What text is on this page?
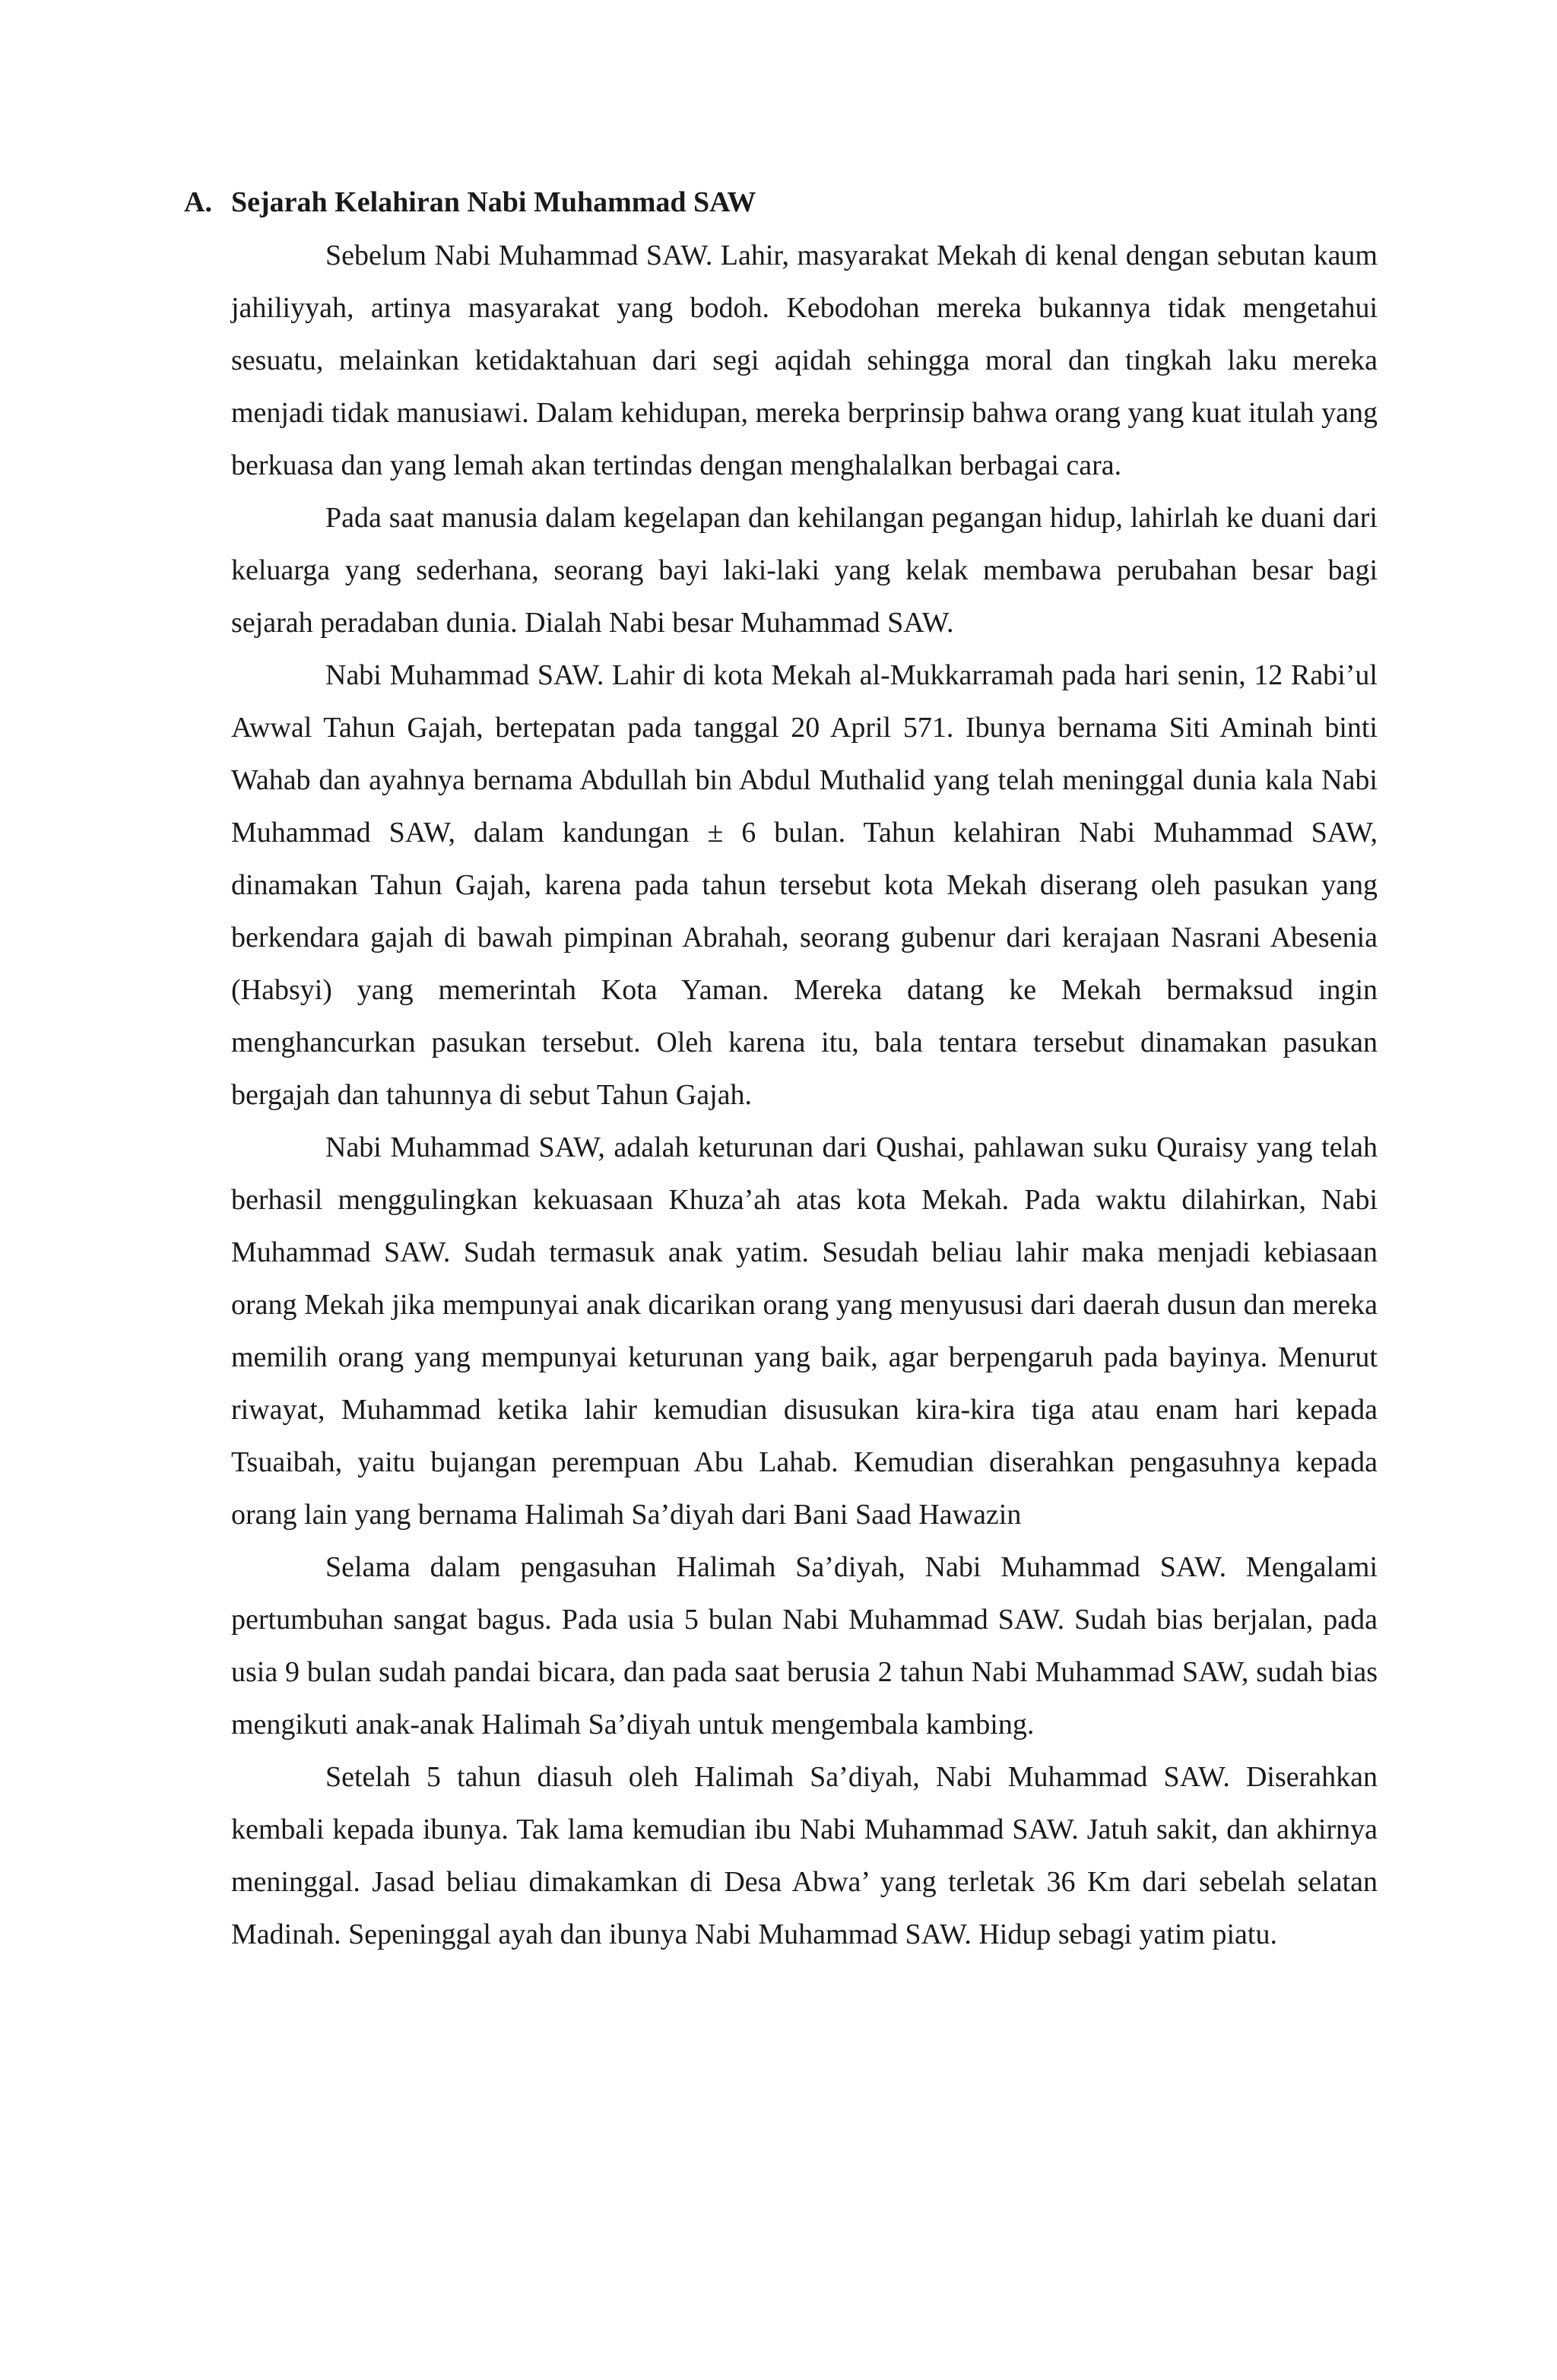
A. Sejarah Kelahiran Nabi Muhammad SAW

Sebelum Nabi Muhammad SAW. Lahir, masyarakat Mekah di kenal dengan sebutan kaum jahiliyyah, artinya masyarakat yang bodoh. Kebodohan mereka bukannya tidak mengetahui sesuatu, melainkan ketidaktahuan dari segi aqidah sehingga moral dan tingkah laku mereka menjadi tidak manusiawi. Dalam kehidupan, mereka berprinsip bahwa orang yang kuat itulah yang berkuasa dan yang lemah akan tertindas dengan menghalalkan berbagai cara.

Pada saat manusia dalam kegelapan dan kehilangan pegangan hidup, lahirlah ke duani dari keluarga yang sederhana, seorang bayi laki-laki yang kelak membawa perubahan besar bagi sejarah peradaban dunia. Dialah Nabi besar Muhammad SAW.

Nabi Muhammad SAW. Lahir di kota Mekah al-Mukkarramah pada hari senin, 12 Rabi’ul Awwal Tahun Gajah, bertepatan pada tanggal 20 April 571. Ibunya bernama Siti Aminah binti Wahab dan ayahnya bernama Abdullah bin Abdul Muthalid yang telah meninggal dunia kala Nabi Muhammad SAW, dalam kandungan ± 6 bulan. Tahun kelahiran Nabi Muhammad SAW, dinamakan Tahun Gajah, karena pada tahun tersebut kota Mekah diserang oleh pasukan yang berkendara gajah di bawah pimpinan Abrahah, seorang gubenur dari kerajaan Nasrani Abesenia (Habsyi) yang memerintah Kota Yaman. Mereka datang ke Mekah bermaksud ingin menghancurkan pasukan tersebut. Oleh karena itu, bala tentara tersebut dinamakan pasukan bergajah dan tahunnya di sebut Tahun Gajah.

Nabi Muhammad SAW, adalah keturunan dari Qushai, pahlawan suku Quraisy yang telah berhasil menggulingkan kekuasaan Khuza’ah atas kota Mekah. Pada waktu dilahirkan, Nabi Muhammad SAW. Sudah termasuk anak yatim. Sesudah beliau lahir maka menjadi kebiasaan orang Mekah jika mempunyai anak dicarikan orang yang menyususi dari daerah dusun dan mereka memilih orang yang mempunyai keturunan yang baik, agar berpengaruh pada bayinya. Menurut riwayat, Muhammad ketika lahir kemudian disusukan kira-kira tiga atau enam hari kepada Tsuaibah, yaitu bujangan perempuan Abu Lahab. Kemudian diserahkan pengasuhnya kepada orang lain yang bernama Halimah Sa’diyah dari Bani Saad Hawazin

Selama dalam pengasuhan Halimah Sa’diyah, Nabi Muhammad SAW. Mengalami pertumbuhan sangat bagus. Pada usia 5 bulan Nabi Muhammad SAW. Sudah bias berjalan, pada usia 9 bulan sudah pandai bicara, dan pada saat berusia 2 tahun Nabi Muhammad SAW, sudah bias mengikuti anak-anak Halimah Sa’diyah untuk mengembala kambing.

Setelah 5 tahun diasuh oleh Halimah Sa’diyah, Nabi Muhammad SAW. Diserahkan kembali kepada ibunya. Tak lama kemudian ibu Nabi Muhammad SAW. Jatuh sakit, dan akhirnya meninggal. Jasad beliau dimakamkan di Desa Abwa’ yang terletak 36 Km dari sebelah selatan Madinah. Sepeninggal ayah dan ibunya Nabi Muhammad SAW. Hidup sebagi yatim piatu.
